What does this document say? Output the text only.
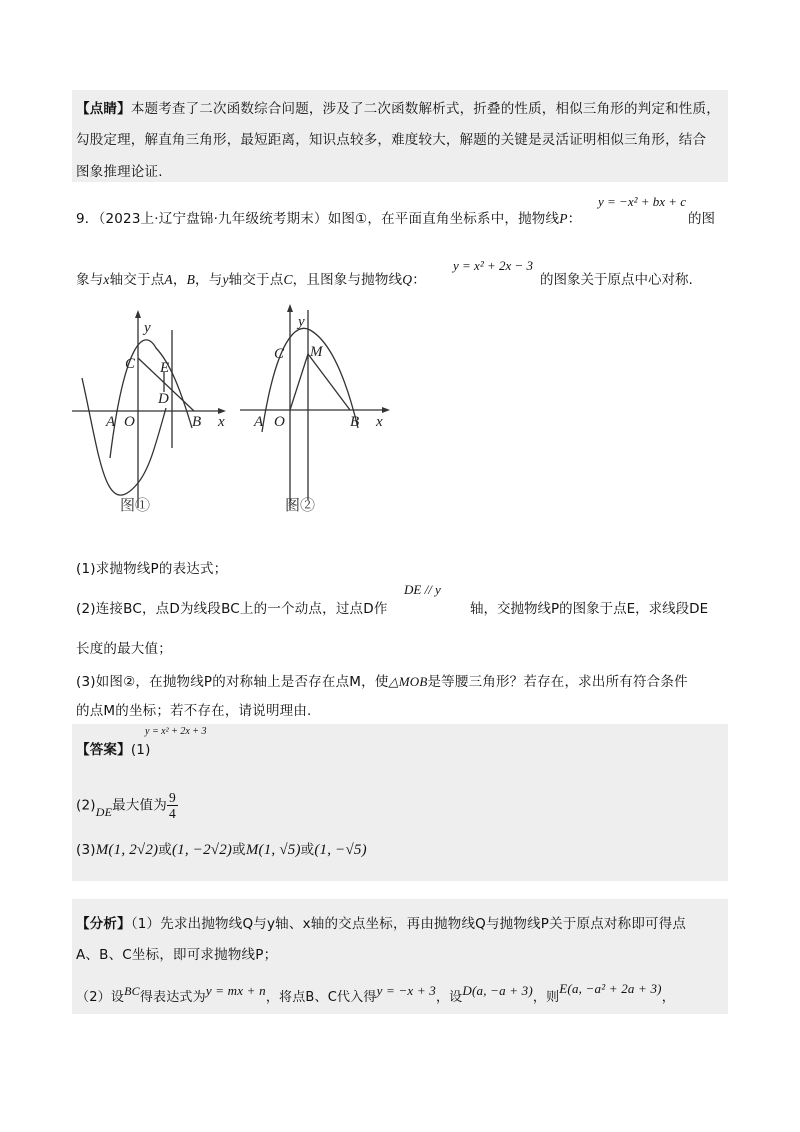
【点睛】本题考查了二次函数综合问题，涉及了二次函数解析式，折叠的性质，相似三角形的判定和性质，
勾股定理，解直角三角形，最短距离，知识点较多，难度较大，解题的关键是灵活证明相似三角形，结合
图象推理论证.
9．（2023上·辽宁盘锦·九年级统考期末）如图①，在平面直角坐标系中，抛物线P：
y = −x² + bx + c
的图
象与x轴交于点A，B，与y轴交于点C，且图象与抛物线Q：
y = x² + 2x − 3
的图象关于原点中心对称.
y
x
C E
D
A O	B
图①
y
x
C M
A O	B
图②
(1)求抛物线P的表达式；
(2)连接BC，点D为线段BC上的一个动点，过点D作
DE // y
轴，交抛物线P的图象于点E，求线段DE
长度的最大值；
(3)如图②，在抛物线P的对称轴上是否存在点M，使△MOB是等腰三角形？若存在，求出所有符合条件
的点M的坐标；若不存在，请说明理由.
【答案】(1)
y = x² + 2x + 3
(2)DE最大值为 $\frac{9}{4}$
(3)M(1, 2√2)或(1, −2√2)或M(1, √5)或(1, −√5)
【分析】（1）先求出抛物线Q与y轴、x轴的交点坐标，再由抛物线Q与抛物线P关于原点对称即可得点
A、B、C坐标，即可求抛物线P；
（2）设BC得表达式为y = mx + n，将点B、C代入得y = −x + 3，设D(a, −a + 3)，则E(a, −a² + 2a + 3)，
